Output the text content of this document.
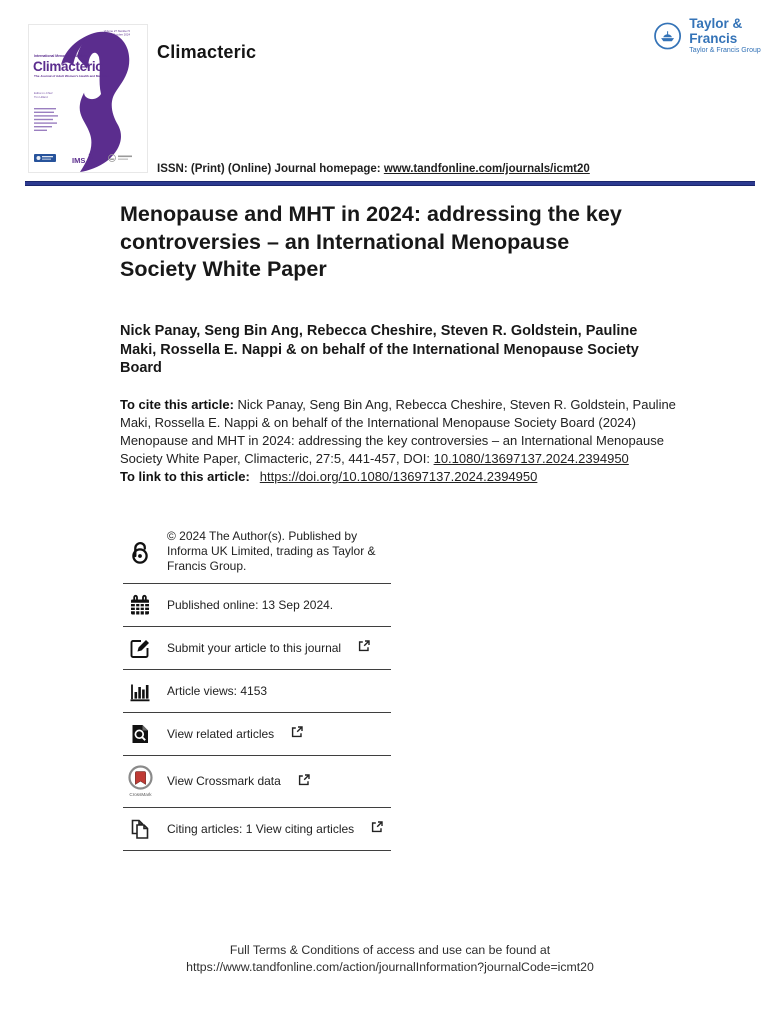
Volume 27 Number 5
October 2024
International Menopause Society
Climacteric
The Journal of Adult Women's Health and Medicine
Editor-in-Chief
Tim Hillard
IMS
Climacteric
Taylor & Francis
Taylor & Francis Group
ISSN: (Print) (Online) Journal homepage: www.tandfonline.com/journals/icmt20
Menopause and MHT in 2024: addressing the key controversies – an International Menopause Society White Paper
Nick Panay, Seng Bin Ang, Rebecca Cheshire, Steven R. Goldstein, Pauline Maki, Rossella E. Nappi & on behalf of the International Menopause Society Board

To cite this article: Nick Panay, Seng Bin Ang, Rebecca Cheshire, Steven R. Goldstein, Pauline Maki, Rossella E. Nappi & on behalf of the International Menopause Society Board (2024) Menopause and MHT in 2024: addressing the key controversies – an International Menopause Society White Paper, Climacteric, 27:5, 441-457, DOI: 10.1080/13697137.2024.2394950

To link to this article: https://doi.org/10.1080/13697137.2024.2394950
© 2024 The Author(s). Published by Informa UK Limited, trading as Taylor & Francis Group.
Published online: 13 Sep 2024.
Submit your article to this journal
Article views: 4153
View related articles
CrossMark
View Crossmark data
Citing articles: 1 View citing articles
Full Terms & Conditions of access and use can be found at
https://www.tandfonline.com/action/journalInformation?journalCode=icmt20
